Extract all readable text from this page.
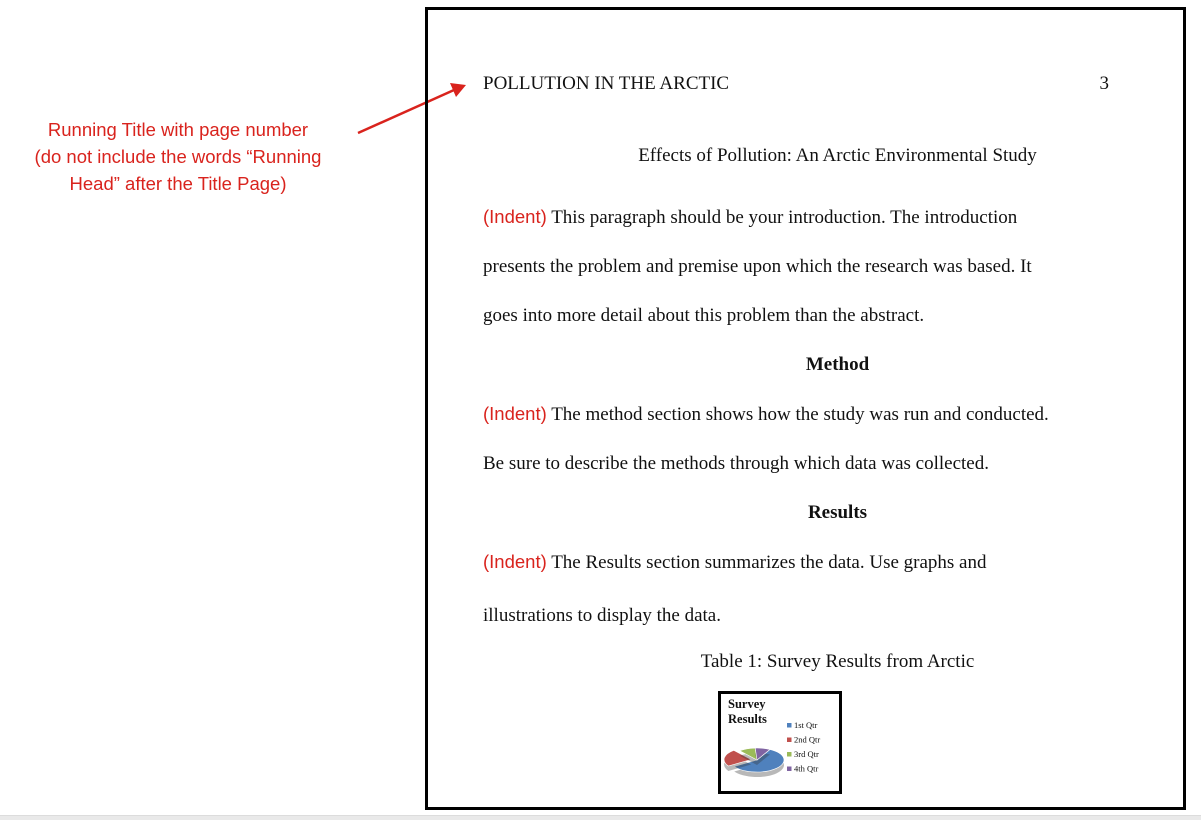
Running Title with page number
(do not include the words “Running
Head” after the Title Page)
POLLUTION IN THE ARCTIC	3
Effects of Pollution: An Arctic Environmental Study
(Indent) This paragraph should be your introduction. The introduction
presents the problem and premise upon which the research was based. It
goes into more detail about this problem than the abstract.
Method
(Indent) The method section shows how the study was run and conducted.
Be sure to describe the methods through which data was collected.
Results
(Indent) The Results section summarizes the data. Use graphs and
illustrations to display the data.
Table 1: Survey Results from Arctic
Survey
Results	1st Qtr
2nd Qtr
3rd Qtr
4th Qtr
